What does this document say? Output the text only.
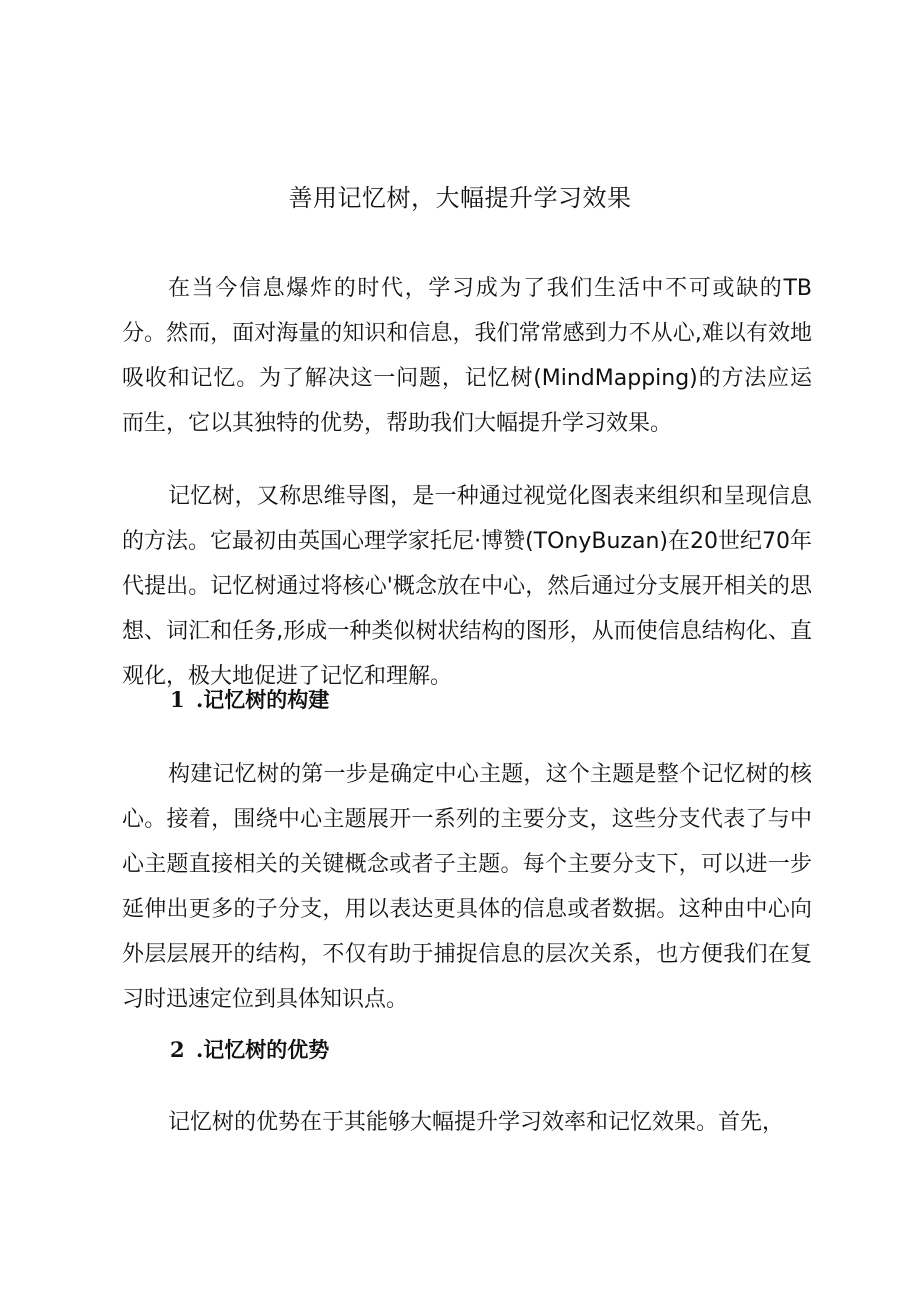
善用记忆树，大幅提升学习效果

在当今信息爆炸的时代，学习成为了我们生活中不可或缺的TB分。然而，面对海量的知识和信息，我们常常感到力不从心,难以有效地吸收和记忆。为了解决这一问题，记忆树(MindMapping)的方法应运而生，它以其独特的优势，帮助我们大幅提升学习效果。

记忆树，又称思维导图，是一种通过视觉化图表来组织和呈现信息的方法。它最初由英国心理学家托尼·博赞(TOnyBuzan)在20世纪70年代提出。记忆树通过将核心'概念放在中心，然后通过分支展开相关的思想、词汇和任务,形成一种类似树状结构的图形，从而使信息结构化、直观化，极大地促进了记忆和理解。

1 .记忆树的构建

构建记忆树的第一步是确定中心主题，这个主题是整个记忆树的核心。接着，围绕中心主题展开一系列的主要分支，这些分支代表了与中心主题直接相关的关键概念或者子主题。每个主要分支下，可以进一步延伸出更多的子分支，用以表达更具体的信息或者数据。这种由中心向外层层展开的结构，不仅有助于捕捉信息的层次关系，也方便我们在复习时迅速定位到具体知识点。

2 .记忆树的优势

记忆树的优势在于其能够大幅提升学习效率和记忆效果。首先，
